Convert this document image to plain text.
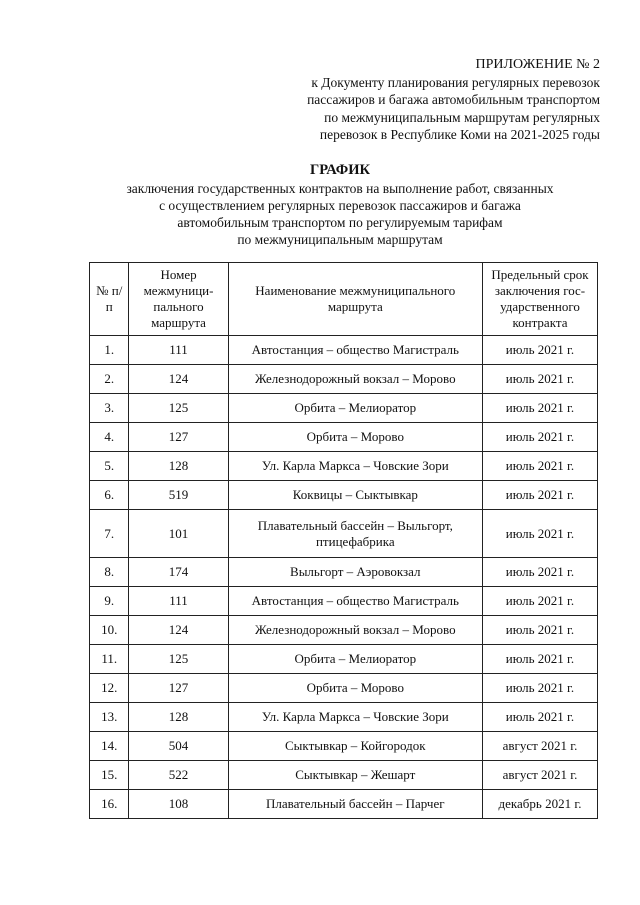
ПРИЛОЖЕНИЕ № 2
к Документу планирования регулярных перевозок
пассажиров и багажа автомобильным транспортом
по межмуниципальным маршрутам регулярных
перевозок в Республике Коми на 2021-2025 годы
ГРАФИК
заключения государственных контрактов на выполнение работ, связанных
с осуществлением регулярных перевозок пассажиров и багажа
автомобильным транспортом по регулируемым тарифам
по межмуниципальным маршрутам
№ п/п	Номер межмуници-пального маршрута	Наименование межмуниципального маршрута	Предельный срок заключения гос-ударственного контракта
1.	111	Автостанция – общество Магистраль	июль 2021 г.
2.	124	Железнодорожный вокзал – Морово	июль 2021 г.
3.	125	Орбита – Мелиоратор	июль 2021 г.
4.	127	Орбита – Морово	июль 2021 г.
5.	128	Ул. Карла Маркса – Човские Зори	июль 2021 г.
6.	519	Коквицы – Сыктывкар	июль 2021 г.
7.	101	Плавательный бассейн – Выльгорт, птицефабрика	июль 2021 г.
8.	174	Выльгорт – Аэровокзал	июль 2021 г.
9.	111	Автостанция – общество Магистраль	июль 2021 г.
10.	124	Железнодорожный вокзал – Морово	июль 2021 г.
11.	125	Орбита – Мелиоратор	июль 2021 г.
12.	127	Орбита – Морово	июль 2021 г.
13.	128	Ул. Карла Маркса – Човские Зори	июль 2021 г.
14.	504	Сыктывкар – Койгородок	август 2021 г.
15.	522	Сыктывкар – Жешарт	август 2021 г.
16.	108	Плавательный бассейн – Парчег	декабрь 2021 г.
